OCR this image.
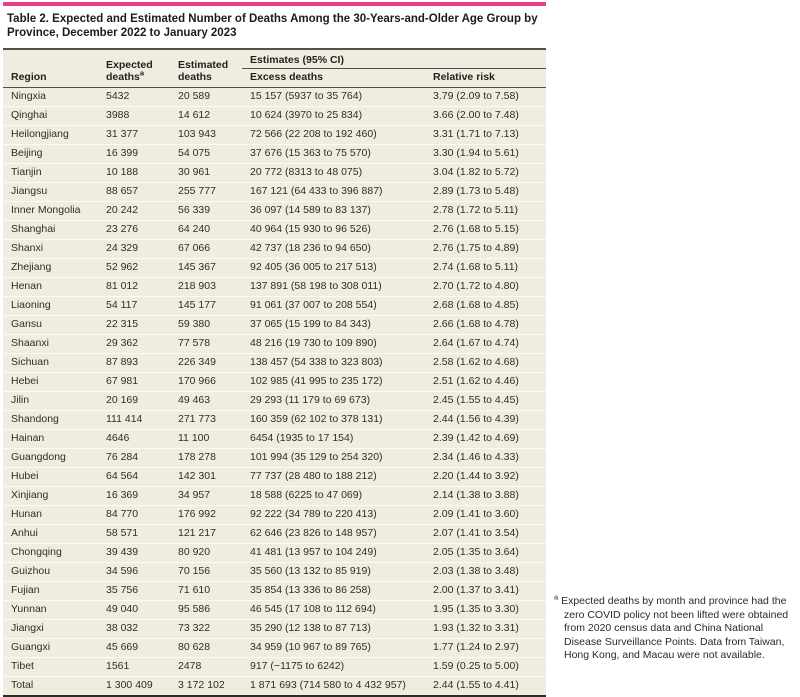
Table 2. Expected and Estimated Number of Deaths Among the 30-Years-and-Older Age Group by Province, December 2022 to January 2023
Region	Expected deaths$^a$	Estimated deaths	Estimates (95% CI)	
			Excess deaths	Relative risk
Ningxia	5432	20 589	15 157 (5937 to 35 764)	3.79 (2.09 to 7.58)
Qinghai	3988	14 612	10 624 (3970 to 25 834)	3.66 (2.00 to 7.48)
Heilongjiang	31 377	103 943	72 566 (22 208 to 192 460)	3.31 (1.71 to 7.13)
Beijing	16 399	54 075	37 676 (15 363 to 75 570)	3.30 (1.94 to 5.61)
Tianjin	10 188	30 961	20 772 (8313 to 48 075)	3.04 (1.82 to 5.72)
Jiangsu	88 657	255 777	167 121 (64 433 to 396 887)	2.89 (1.73 to 5.48)
Inner Mongolia	20 242	56 339	36 097 (14 589 to 83 137)	2.78 (1.72 to 5.11)
Shanghai	23 276	64 240	40 964 (15 930 to 96 526)	2.76 (1.68 to 5.15)
Shanxi	24 329	67 066	42 737 (18 236 to 94 650)	2.76 (1.75 to 4.89)
Zhejiang	52 962	145 367	92 405 (36 005 to 217 513)	2.74 (1.68 to 5.11)
Henan	81 012	218 903	137 891 (58 198 to 308 011)	2.70 (1.72 to 4.80)
Liaoning	54 117	145 177	91 061 (37 007 to 208 554)	2.68 (1.68 to 4.85)
Gansu	22 315	59 380	37 065 (15 199 to 84 343)	2.66 (1.68 to 4.78)
Shaanxi	29 362	77 578	48 216 (19 730 to 109 890)	2.64 (1.67 to 4.74)
Sichuan	87 893	226 349	138 457 (54 338 to 323 803)	2.58 (1.62 to 4.68)
Hebei	67 981	170 966	102 985 (41 995 to 235 172)	2.51 (1.62 to 4.46)
Jilin	20 169	49 463	29 293 (11 179 to 69 673)	2.45 (1.55 to 4.45)
Shandong	111 414	271 773	160 359 (62 102 to 378 131)	2.44 (1.56 to 4.39)
Hainan	4646	11 100	6454 (1935 to 17 154)	2.39 (1.42 to 4.69)
Guangdong	76 284	178 278	101 994 (35 129 to 254 320)	2.34 (1.46 to 4.33)
Hubei	64 564	142 301	77 737 (28 480 to 188 212)	2.20 (1.44 to 3.92)
Xinjiang	16 369	34 957	18 588 (6225 to 47 069)	2.14 (1.38 to 3.88)
Hunan	84 770	176 992	92 222 (34 789 to 220 413)	2.09 (1.41 to 3.60)
Anhui	58 571	121 217	62 646 (23 826 to 148 957)	2.07 (1.41 to 3.54)
Chongqing	39 439	80 920	41 481 (13 957 to 104 249)	2.05 (1.35 to 3.64)
Guizhou	34 596	70 156	35 560 (13 132 to 85 919)	2.03 (1.38 to 3.48)
Fujian	35 756	71 610	35 854 (13 336 to 86 258)	2.00 (1.37 to 3.41)
Yunnan	49 040	95 586	46 545 (17 108 to 112 694)	1.95 (1.35 to 3.30)
Jiangxi	38 032	73 322	35 290 (12 138 to 87 713)	1.93 (1.32 to 3.31)
Guangxi	45 669	80 628	34 959 (10 967 to 89 765)	1.77 (1.24 to 2.97)
Tibet	1561	2478	917 (−1175 to 6242)	1.59 (0.25 to 5.00)
Total	1 300 409	3 172 102	1 871 693 (714 580 to 4 432 957)	2.44 (1.55 to 4.41)
$^a$ Expected deaths by month and province had the zero COVID policy not been lifted were obtained from 2020 census data and China National Disease Surveillance Points. Data from Taiwan, Hong Kong, and Macau were not available.
